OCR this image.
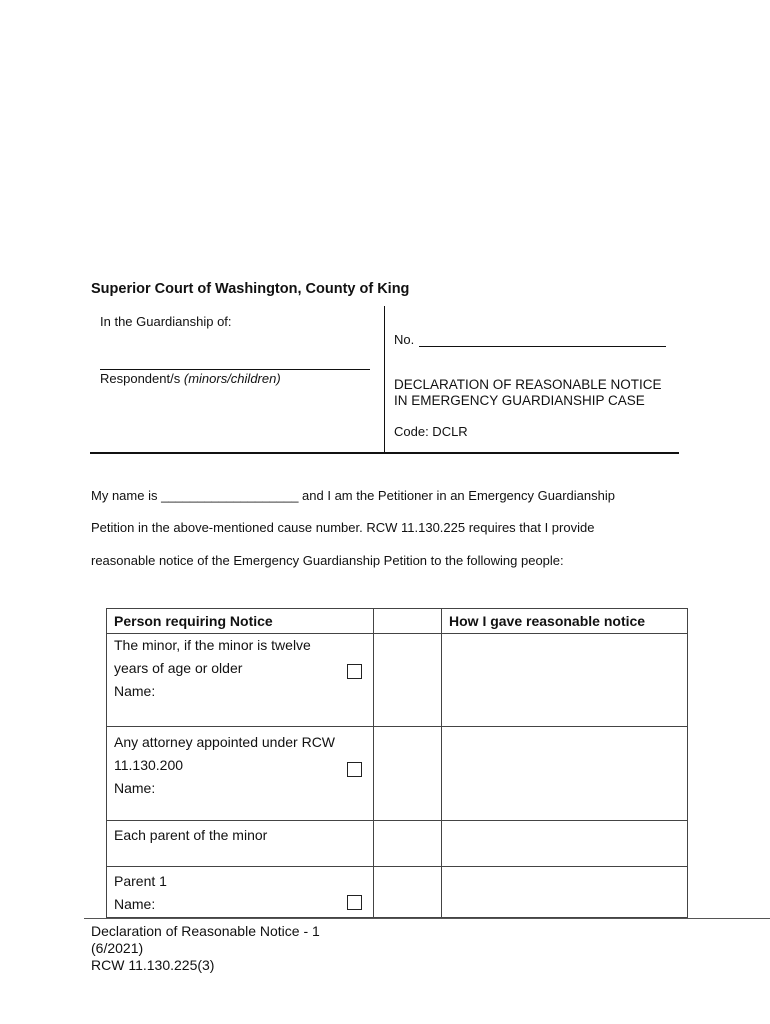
Superior Court of Washington, County of King
In the Guardianship of:
Respondent/s (minors/children)
No.
DECLARATION OF REASONABLE NOTICE
IN EMERGENCY GUARDIANSHIP CASE
Code: DCLR
My name is ___________________ and I am the Petitioner in an Emergency Guardianship
Petition in the above-mentioned cause number. RCW 11.130.225 requires that I provide
reasonable notice of the Emergency Guardianship Petition to the following people:
Person requiring Notice		How I gave reasonable notice

The minor, if the minor is twelve
years of age or older
Name:		

Any attorney appointed under RCW
11.130.200
Name:		

Each parent of the minor		

Parent 1
Name:		

Declaration of Reasonable Notice - 1
(6/2021)
RCW 11.130.225(3)
